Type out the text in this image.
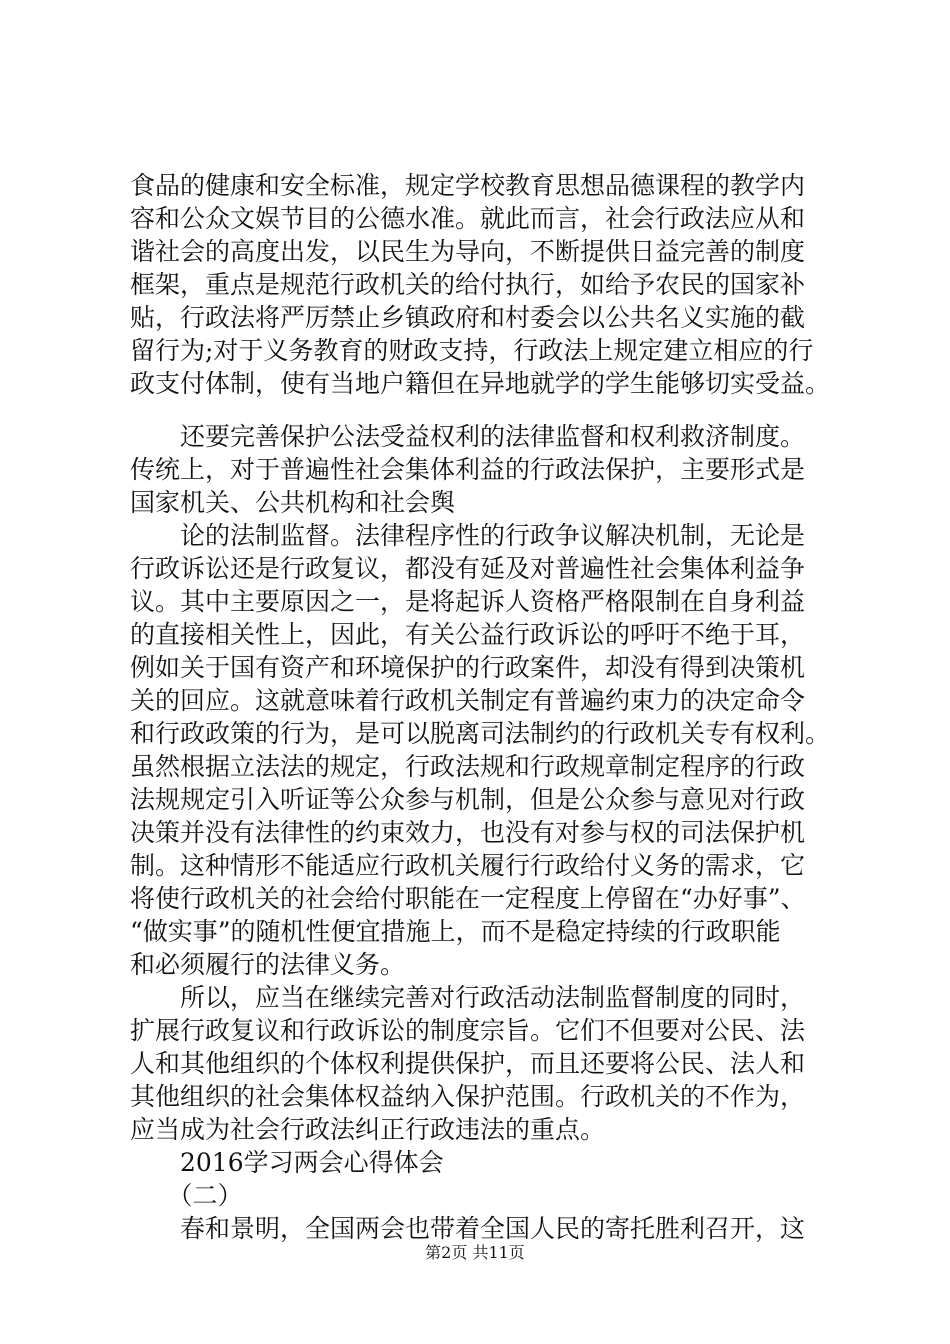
食品的健康和安全标准，规定学校教育思想品德课程的教学内
容和公众文娱节目的公德水准。就此而言，社会行政法应从和
谐社会的高度出发，以民生为导向，不断提供日益完善的制度
框架，重点是规范行政机关的给付执行，如给予农民的国家补
贴，行政法将严厉禁止乡镇政府和村委会以公共名义实施的截
留行为;对于义务教育的财政支持，行政法上规定建立相应的行
政支付体制，使有当地户籍但在异地就学的学生能够切实受益。
　　还要完善保护公法受益权利的法律监督和权利救济制度。
传统上，对于普遍性社会集体利益的行政法保护，主要形式是
国家机关、公共机构和社会舆
　　论的法制监督。法律程序性的行政争议解决机制，无论是
行政诉讼还是行政复议，都没有延及对普遍性社会集体利益争
议。其中主要原因之一，是将起诉人资格严格限制在自身利益
的直接相关性上，因此，有关公益行政诉讼的呼吁不绝于耳，
例如关于国有资产和环境保护的行政案件，却没有得到决策机
关的回应。这就意味着行政机关制定有普遍约束力的决定命令
和行政政策的行为，是可以脱离司法制约的行政机关专有权利。
虽然根据立法法的规定，行政法规和行政规章制定程序的行政
法规规定引入听证等公众参与机制，但是公众参与意见对行政
决策并没有法律性的约束效力，也没有对参与权的司法保护机
制。这种情形不能适应行政机关履行行政给付义务的需求，它
将使行政机关的社会给付职能在一定程度上停留在“办好事”、
“做实事”的随机性便宜措施上，而不是稳定持续的行政职能
和必须履行的法律义务。
　　所以，应当在继续完善对行政活动法制监督制度的同时，
扩展行政复议和行政诉讼的制度宗旨。它们不但要对公民、法
人和其他组织的个体权利提供保护，而且还要将公民、法人和
其他组织的社会集体权益纳入保护范围。行政机关的不作为，
应当成为社会行政法纠正行政违法的重点。
　　2016学习两会心得体会
　　（二）
　　春和景明，全国两会也带着全国人民的寄托胜利召开，这
第2页 共11页
